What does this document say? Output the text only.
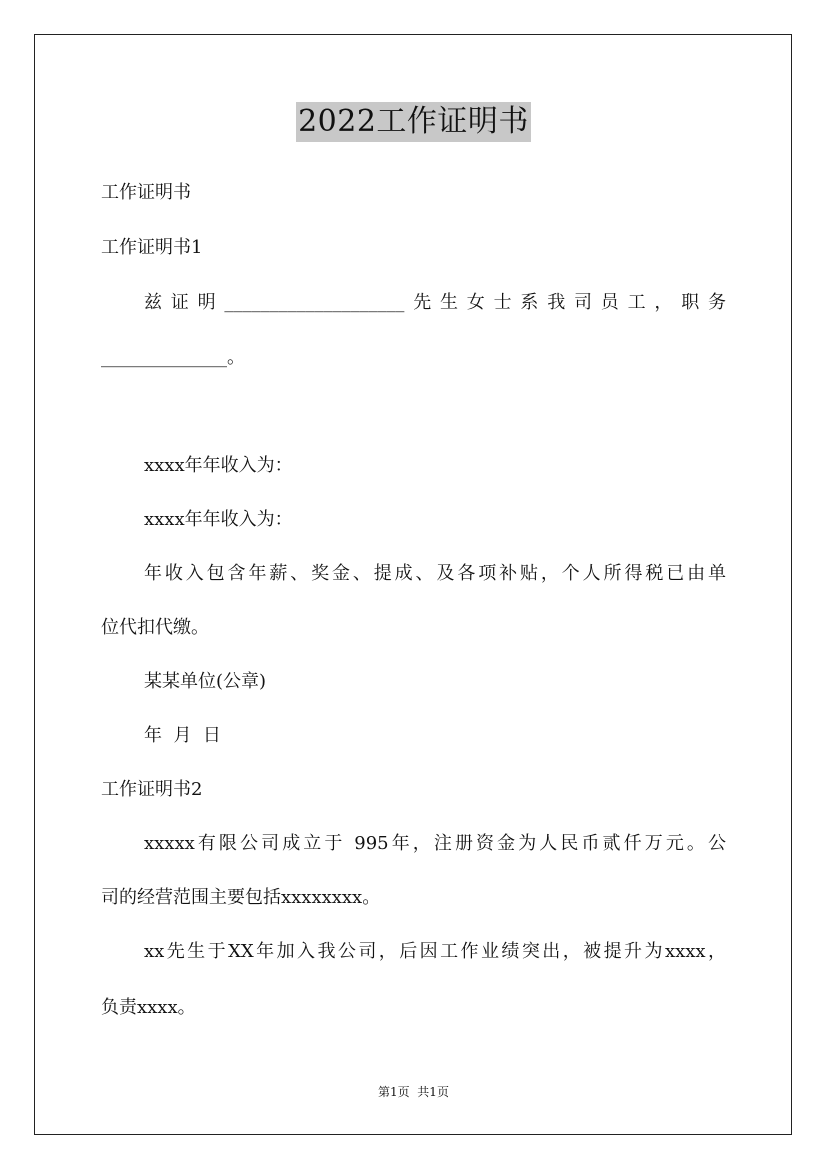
2022工作证明书
工作证明书
工作证明书1
兹证明____________________先生女士系我司员工，职务
______________。
xxxx年年收入为：
xxxx年年收入为：
年收入包含年薪、奖金、提成、及各项补贴，个人所得税已由单
位代扣代缴。
某某单位(公章)
年  月  日
工作证明书2
xxxxx有限公司成立于 995年，注册资金为人民币贰仟万元。公
司的经营范围主要包括xxxxxxxx。
xx先生于XX年加入我公司，后因工作业绩突出，被提升为xxxx，
负责xxxx。
第1页  共1页
